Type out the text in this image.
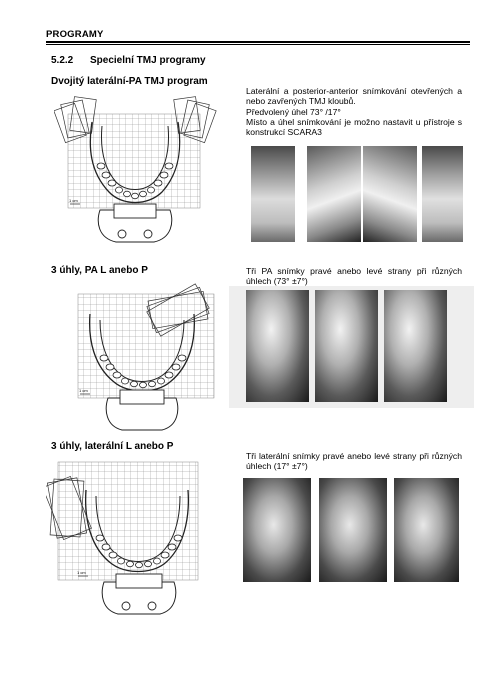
PROGRAMY
5.2.2 Specielní TMJ programy
Dvojitý laterální-PA TMJ program

Laterální a posterior-anterior snímkování otevřených a nebo zavřených TMJ kloubů.

Předvolený úhel 73° /17°

Místo a úhel snímkování je možno nastavit u přístroje s konstrukcí SCARA3

1 cm
3 úhly, PA L anebo P	Tři PA snímky pravé anebo levé strany při různých úhlech (73° ±7°)

1 cm
3 úhly, laterální L anebo P

Tři laterální snímky pravé anebo levé strany při různých úhlech (17° ±7°)

1 cm
